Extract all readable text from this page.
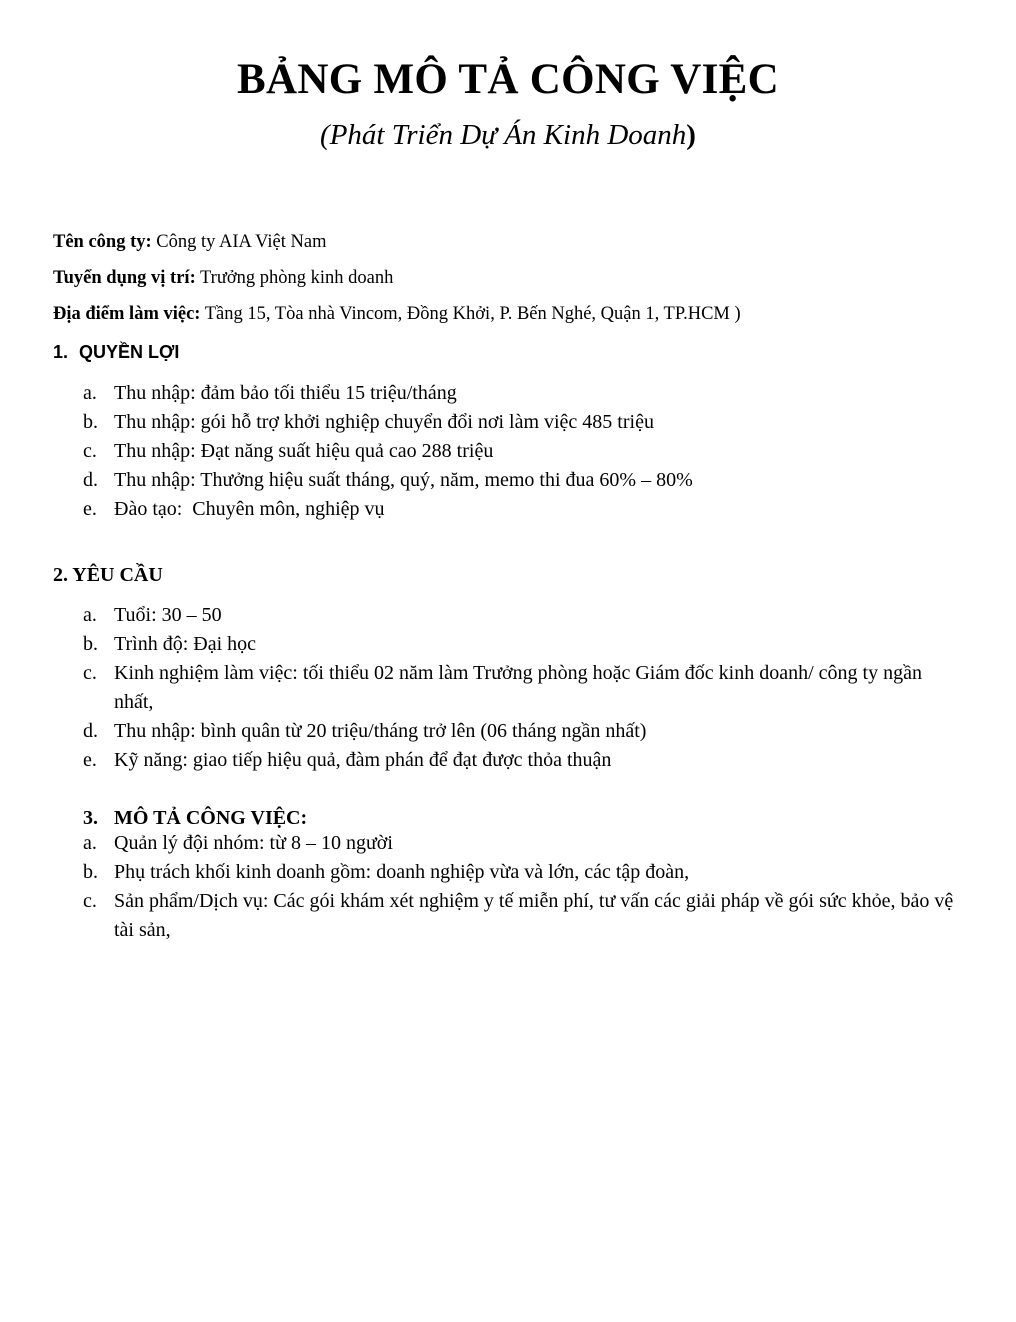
BẢNG MÔ TẢ CÔNG VIỆC
(Phát Triển Dự Án Kinh Doanh)
Tên công ty: Công ty AIA Việt Nam
Tuyển dụng vị trí: Trưởng phòng kinh doanh
Địa điểm làm việc: Tầng 15, Tòa nhà Vincom, Đồng Khởi, P. Bến Nghé, Quận 1, TP.HCM )
1. QUYỀN LỢI
a. Thu nhập: đảm bảo tối thiểu 15 triệu/tháng
b. Thu nhập: gói hỗ trợ khởi nghiệp chuyển đổi nơi làm việc 485 triệu
c. Thu nhập: Đạt năng suất hiệu quả cao 288 triệu
d. Thu nhập: Thưởng hiệu suất tháng, quý, năm, memo thi đua 60% – 80%
e. Đào tạo:  Chuyên môn, nghiệp vụ
2. YÊU CẦU
a. Tuổi: 30 – 50
b. Trình độ: Đại học
c. Kinh nghiệm làm việc: tối thiểu 02 năm làm Trưởng phòng hoặc Giám đốc kinh doanh/ công ty ngần nhất,
d. Thu nhập: bình quân từ 20 triệu/tháng trở lên (06 tháng ngần nhất)
e. Kỹ năng: giao tiếp hiệu quả, đàm phán để đạt được thỏa thuận
3. MÔ TẢ CÔNG VIỆC:
a. Quản lý đội nhóm: từ 8 – 10 người
b. Phụ trách khối kinh doanh gồm: doanh nghiệp vừa và lớn, các tập đoàn,
c. Sản phẩm/Dịch vụ: Các gói khám xét nghiệm y tế miễn phí, tư vấn các giải pháp về gói sức khỏe, bảo vệ tài sản,
